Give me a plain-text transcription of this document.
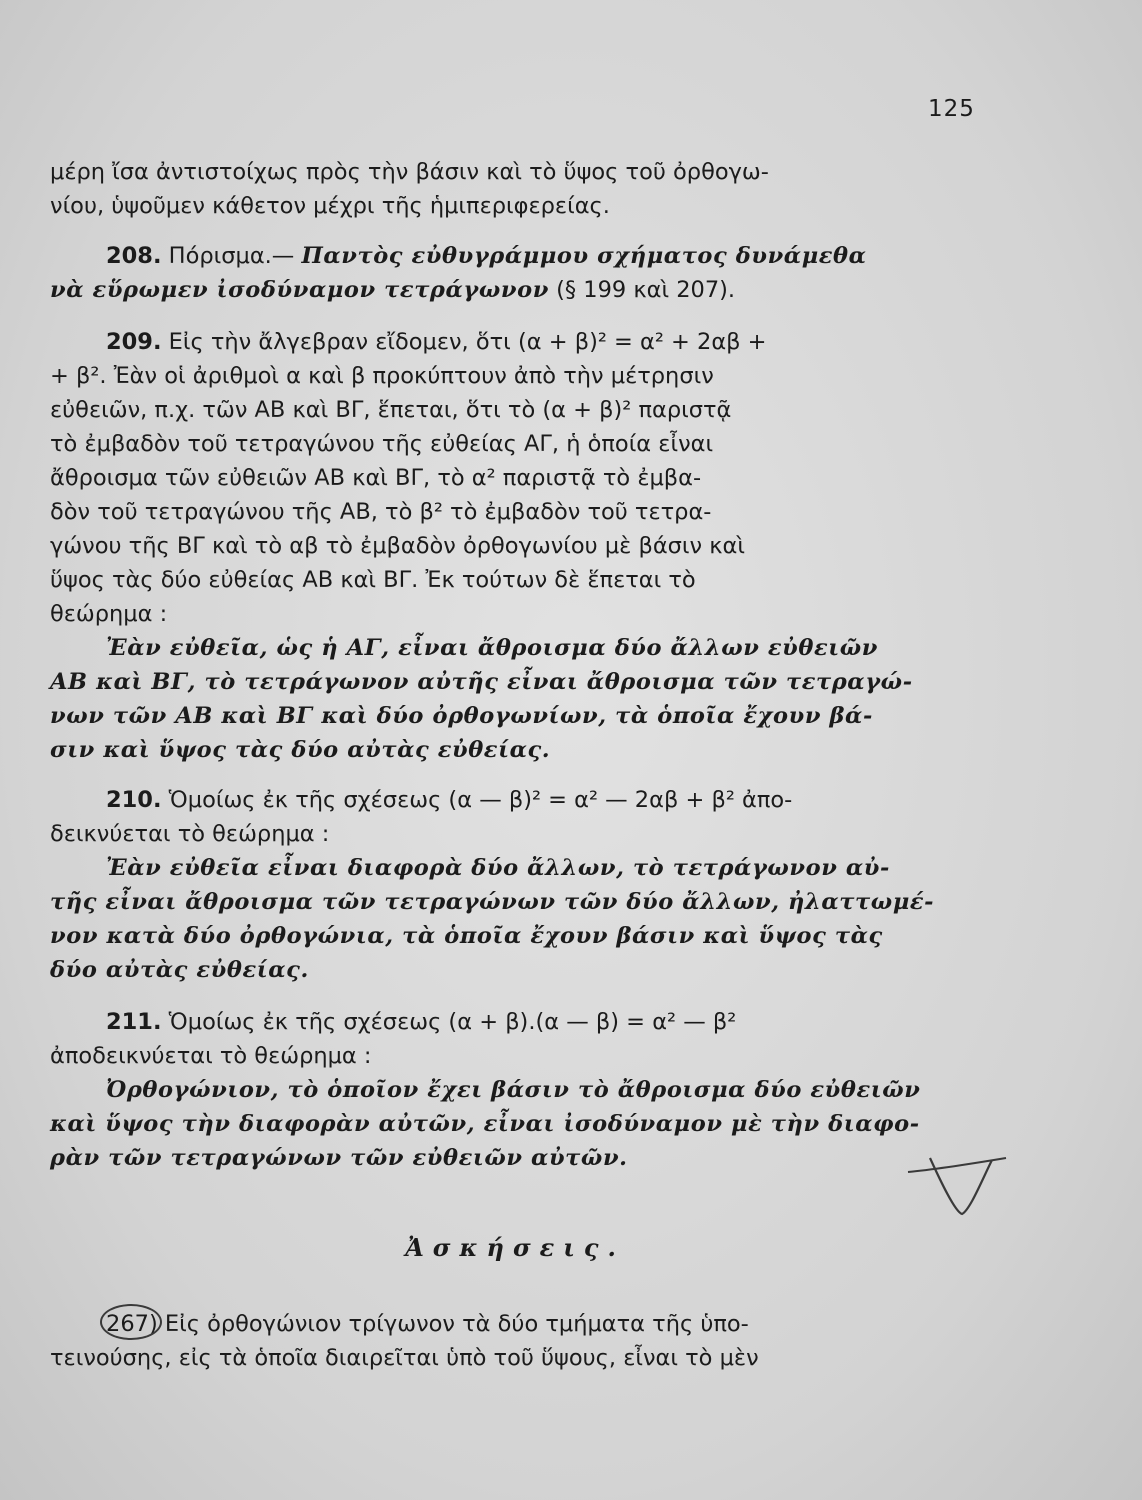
125

μέρη ἴσα ἀντιστοίχως πρὸς τὴν βάσιν καὶ τὸ ὕψος τοῦ ὀρθογω-
νίου, ὑψοῦμεν κάθετον μέχρι τῆς ἡμιπεριφερείας.

208. Πόρισμα.— Παντὸς εὐθυγράμμου σχήματος δυνάμεθα
νὰ εὕρωμεν ἰσοδύναμον τετράγωνον (§ 199 καὶ 207).

209. Εἰς τὴν ἄλγεβραν εἴδομεν, ὅτι (α + β)² = α² + 2αβ +
+ β². Ἐὰν οἱ ἀριθμοὶ α καὶ β προκύπτουν ἀπὸ τὴν μέτρησιν
εὐθειῶν, π.χ. τῶν ΑΒ καὶ ΒΓ, ἕπεται, ὅτι τὸ (α + β)² παριστᾷ
τὸ ἐμβαδὸν τοῦ τετραγώνου τῆς εὐθείας ΑΓ, ἡ ὁποία εἶναι
ἄθροισμα τῶν εὐθειῶν ΑΒ καὶ ΒΓ, τὸ α² παριστᾷ τὸ ἐμβα-
δὸν τοῦ τετραγώνου τῆς ΑΒ, τὸ β² τὸ ἐμβαδὸν τοῦ τετρα-
γώνου τῆς ΒΓ καὶ τὸ αβ τὸ ἐμβαδὸν ὀρθογωνίου μὲ βάσιν καὶ
ὕψος τὰς δύο εὐθείας ΑΒ καὶ ΒΓ. Ἐκ τούτων δὲ ἕπεται τὸ
θεώρημα :
Ἐὰν εὐθεῖα, ὡς ἡ ΑΓ, εἶναι ἄθροισμα δύο ἄλλων εὐθειῶν
ΑΒ καὶ ΒΓ, τὸ τετράγωνον αὐτῆς εἶναι ἄθροισμα τῶν τετραγώ-
νων τῶν ΑΒ καὶ ΒΓ καὶ δύο ὀρθογωνίων, τὰ ὁποῖα ἔχουν βά-
σιν καὶ ὕψος τὰς δύο αὐτὰς εὐθείας.

210. Ὁμοίως ἐκ τῆς σχέσεως (α — β)² = α² — 2αβ + β² ἀπο-
δεικνύεται τὸ θεώρημα :
Ἐὰν εὐθεῖα εἶναι διαφορὰ δύο ἄλλων, τὸ τετράγωνον αὐ-
τῆς εἶναι ἄθροισμα τῶν τετραγώνων τῶν δύο ἄλλων, ἠλαττωμέ-
νον κατὰ δύο ὀρθογώνια, τὰ ὁποῖα ἔχουν βάσιν καὶ ὕψος τὰς
δύο αὐτὰς εὐθείας.

211. Ὁμοίως ἐκ τῆς σχέσεως (α + β).(α — β) = α² — β²
ἀποδεικνύεται τὸ θεώρημα :
Ὀρθογώνιον, τὸ ὁποῖον ἔχει βάσιν τὸ ἄθροισμα δύο εὐθειῶν
καὶ ὕψος τὴν διαφορὰν αὐτῶν, εἶναι ἰσοδύναμον μὲ τὴν διαφο-
ρὰν τῶν τετραγώνων τῶν εὐθειῶν αὐτῶν.

Ἀσκήσεις.

267) Εἰς ὀρθογώνιον τρίγωνον τὰ δύο τμήματα τῆς ὑπο-
τεινούσης, εἰς τὰ ὁποῖα διαιρεῖται ὑπὸ τοῦ ὕψους, εἶναι τὸ μὲν
